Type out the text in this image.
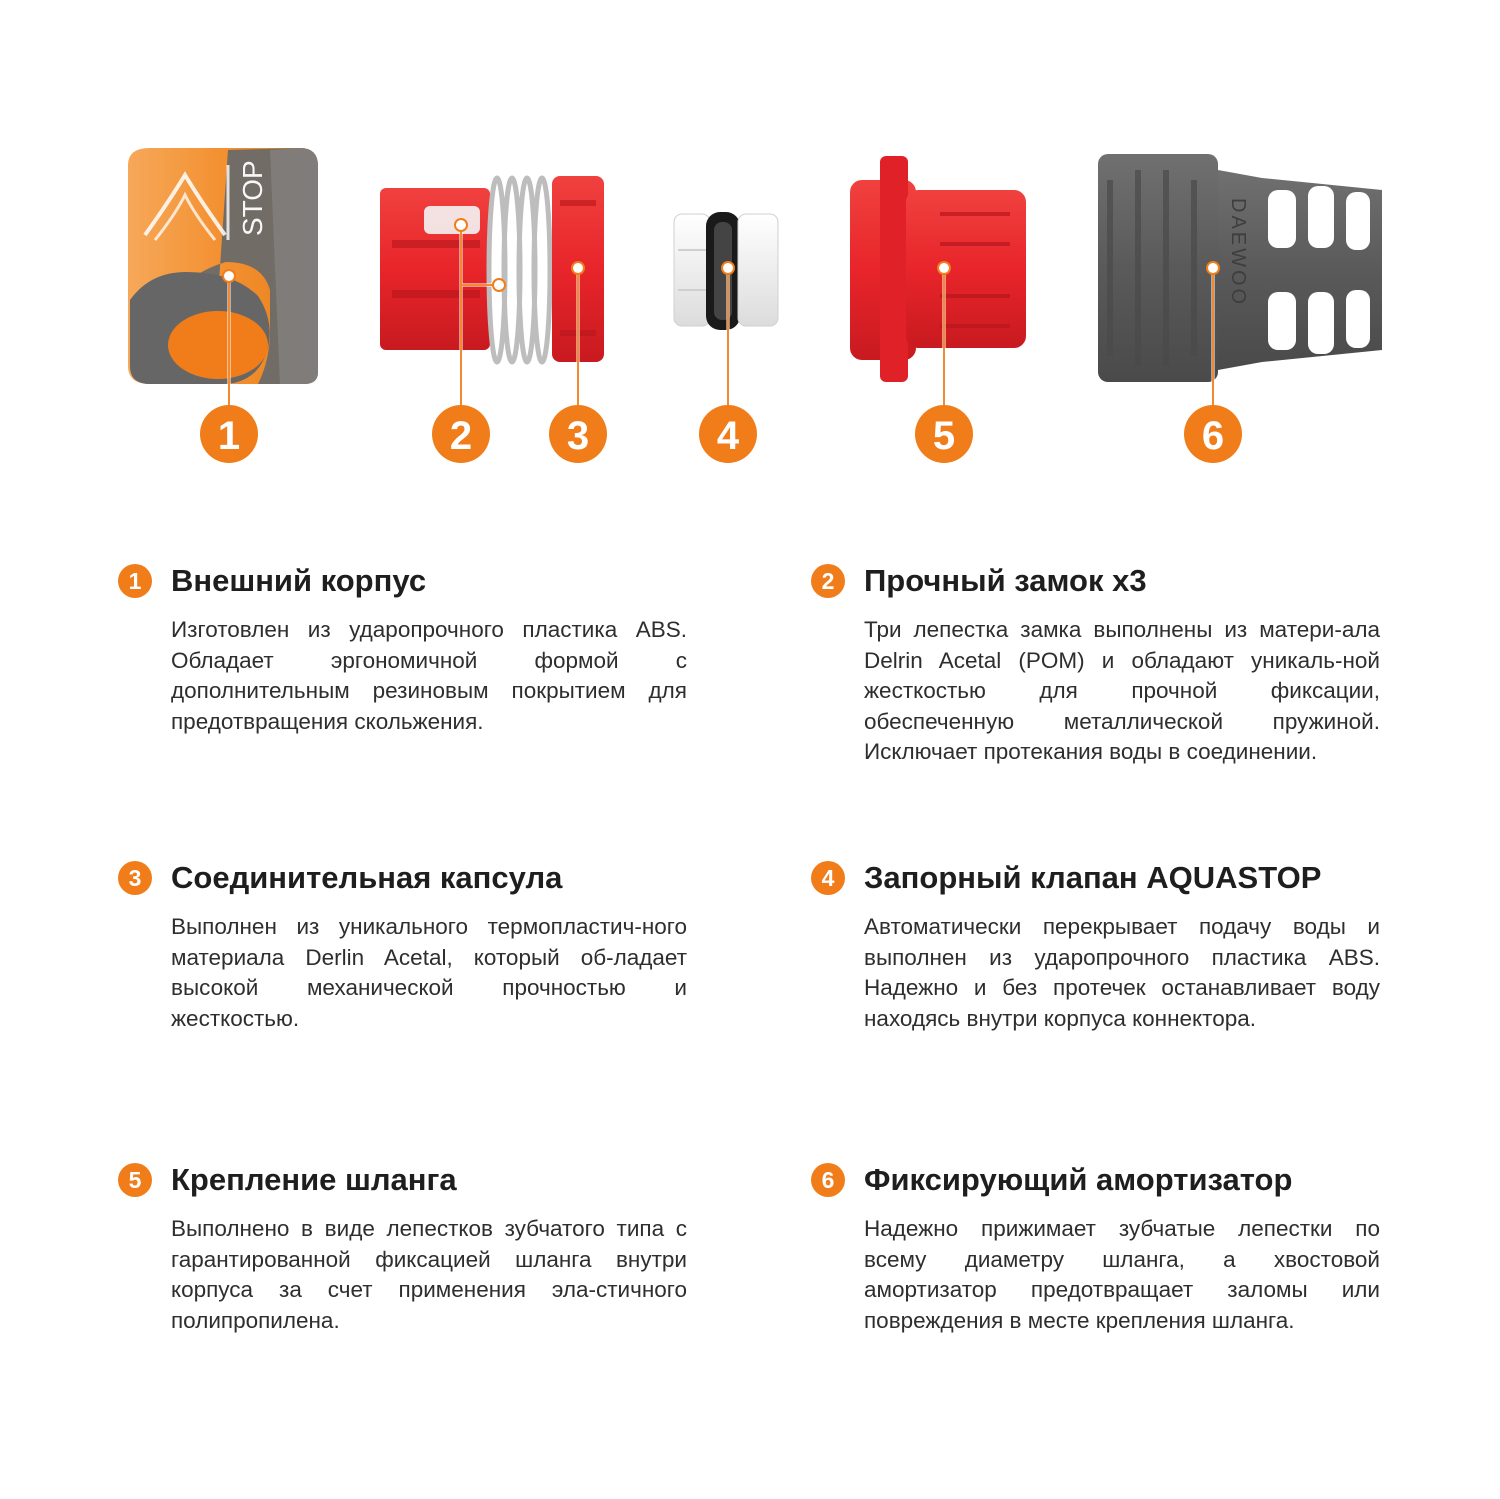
STOP	DAEWOO
1	2 3	4	5	6
1 Внешний корпус
Изготовлен из ударопрочного пластика ABS. Обладает эргономичной формой с дополнительным резиновым покрытием для предотвращения скольжения.
2 Прочный замок х3
Три лепестка замка выполнены из матери-ала Delrin Acetal (POM) и обладают уникаль-ной жесткостью для прочной фиксации, обеспеченную металлической пружиной. Исключает протекания воды в соединении.
3 Соединительная капсула
Выполнен из уникального термопластич-ного материала Derlin Acetal, который об-ладает высокой механической прочностью и жесткостью.
4 Запорный клапан AQUASTOP
Автоматически перекрывает подачу воды и выполнен из ударопрочного пластика ABS. Надежно и без протечек останавливает воду находясь внутри корпуса коннектора.
5 Крепление шланга
Выполнено в виде лепестков зубчатого типа с гарантированной фиксацией шланга внутри корпуса за счет применения эла-стичного полипропилена.
6 Фиксирующий амортизатор
Надежно прижимает зубчатые лепестки по всему диаметру шланга, а хвостовой амортизатор предотвращает заломы или повреждения в месте крепления шланга.
